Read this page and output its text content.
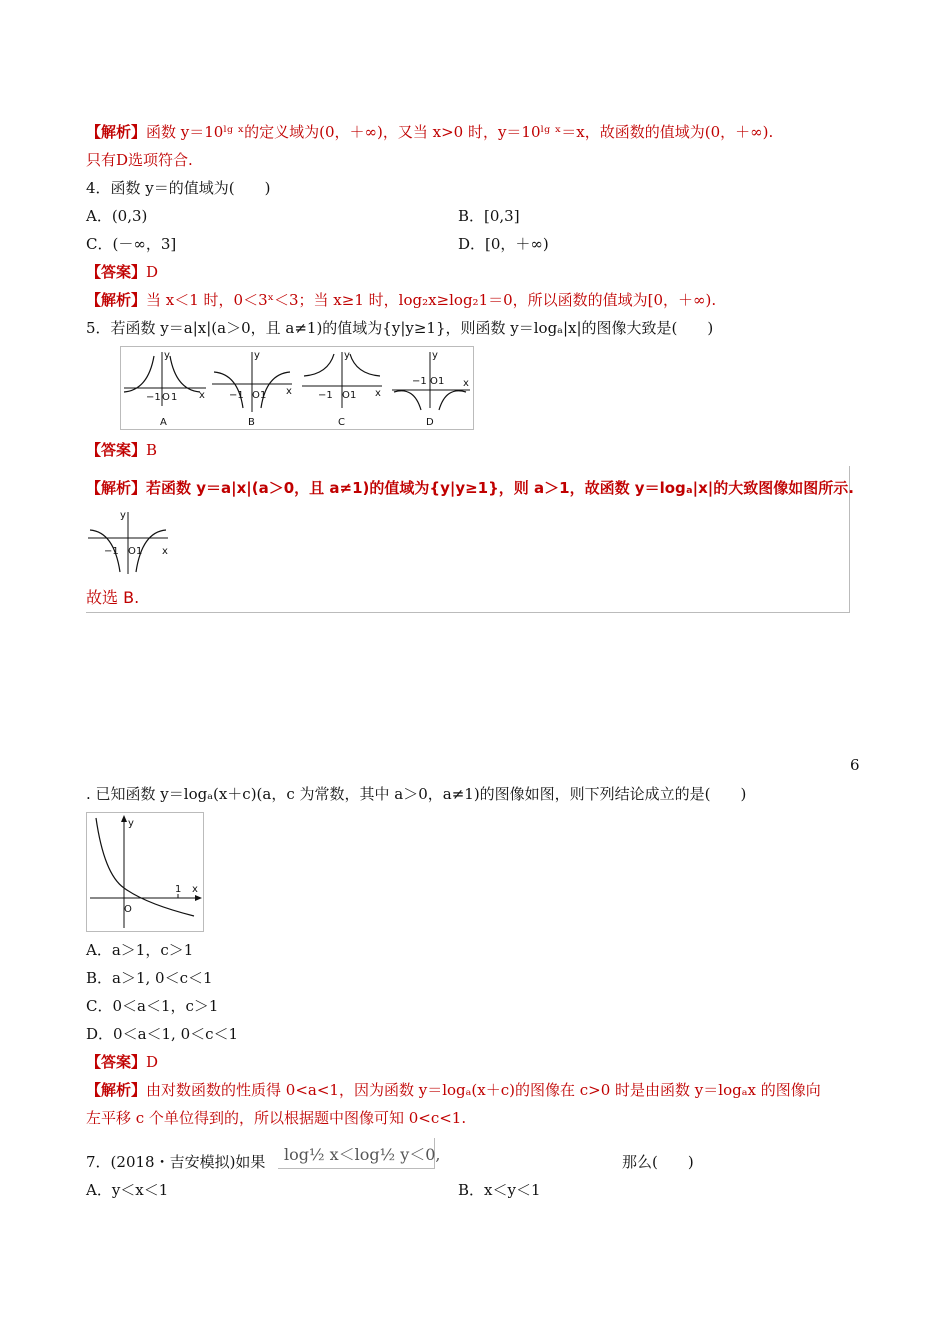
【解析】函数 y＝10ˡᵍ ˣ的定义域为(0，＋∞)，又当 x>0 时，y＝10ˡᵍ ˣ＝x，故函数的值域为(0，＋∞).
只有D选项符合.
4．函数 y＝的值域为(　　)
A．(0,3)	B．[0,3]
C．(－∞，3]	D．[0，＋∞)
【答案】D
【解析】当 x＜1 时，0＜3ˣ＜3；当 x≥1 时，log₂x≥log₂1＝0，所以函数的值域为[0，＋∞).
5．若函数 y＝a|x|(a＞0，且 a≠1)的值域为{y|y≥1}，则函数 y＝logₐ|x|的图像大致是(　　)
y
x
−1 O 1
A
y
x
−1 O 1
B
y
x
−1 O 1
C
y
x
−1 O 1
D
【答案】B
【解析】若函数 y＝a|x|(a＞0，且 a≠1)的值域为{y|y≥1}，则 a＞1，故函数 y＝logₐ|x|的大致图像如图所示.
y
x
−1 O 1
故选 B.
6
. 已知函数 y＝logₐ(x＋c)(a，c 为常数，其中 a＞0，a≠1)的图像如图，则下列结论成立的是(　　)
y
x
1
O
A．a＞1，c＞1
B．a＞1, 0＜c＜1
C．0＜a＜1，c＞1
D．0＜a＜1, 0＜c＜1
【答案】D
【解析】由对数函数的性质得 0<a<1，因为函数 y＝logₐ(x＋c)的图像在 c>0 时是由函数 y＝logₐx 的图像向
左平移 c 个单位得到的，所以根据题中图像可知 0<c<1.
7．(2018・吉安模拟)如果 log½ x＜log½ y＜0,	那么(　　)
A．y＜x＜1	B．x＜y＜1
